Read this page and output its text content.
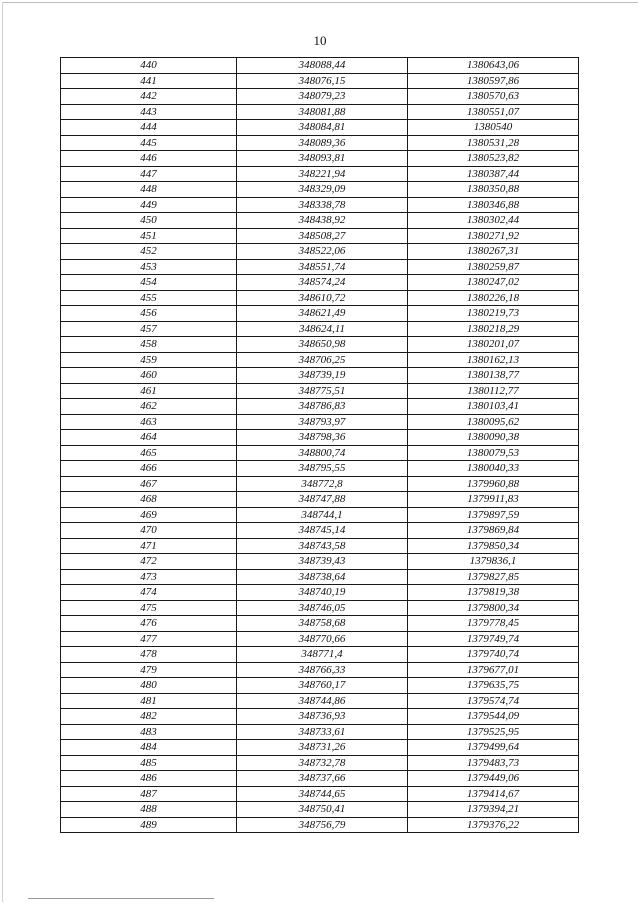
10
440	348088,44	1380643,06
441	348076,15	1380597,86
442	348079,23	1380570,63
443	348081,88	1380551,07
444	348084,81	1380540
445	348089,36	1380531,28
446	348093,81	1380523,82
447	348221,94	1380387,44
448	348329,09	1380350,88
449	348338,78	1380346,88
450	348438,92	1380302,44
451	348508,27	1380271,92
452	348522,06	1380267,31
453	348551,74	1380259,87
454	348574,24	1380247,02
455	348610,72	1380226,18
456	348621,49	1380219,73
457	348624,11	1380218,29
458	348650,98	1380201,07
459	348706,25	1380162,13
460	348739,19	1380138,77
461	348775,51	1380112,77
462	348786,83	1380103,41
463	348793,97	1380095,62
464	348798,36	1380090,38
465	348800,74	1380079,53
466	348795,55	1380040,33
467	348772,8	1379960,88
468	348747,88	1379911,83
469	348744,1	1379897,59
470	348745,14	1379869,84
471	348743,58	1379850,34
472	348739,43	1379836,1
473	348738,64	1379827,85
474	348740,19	1379819,38
475	348746,05	1379800,34
476	348758,68	1379778,45
477	348770,66	1379749,74
478	348771,4	1379740,74
479	348766,33	1379677,01
480	348760,17	1379635,75
481	348744,86	1379574,74
482	348736,93	1379544,09
483	348733,61	1379525,95
484	348731,26	1379499,64
485	348732,78	1379483,73
486	348737,66	1379449,06
487	348744,65	1379414,67
488	348750,41	1379394,21
489	348756,79	1379376,22
